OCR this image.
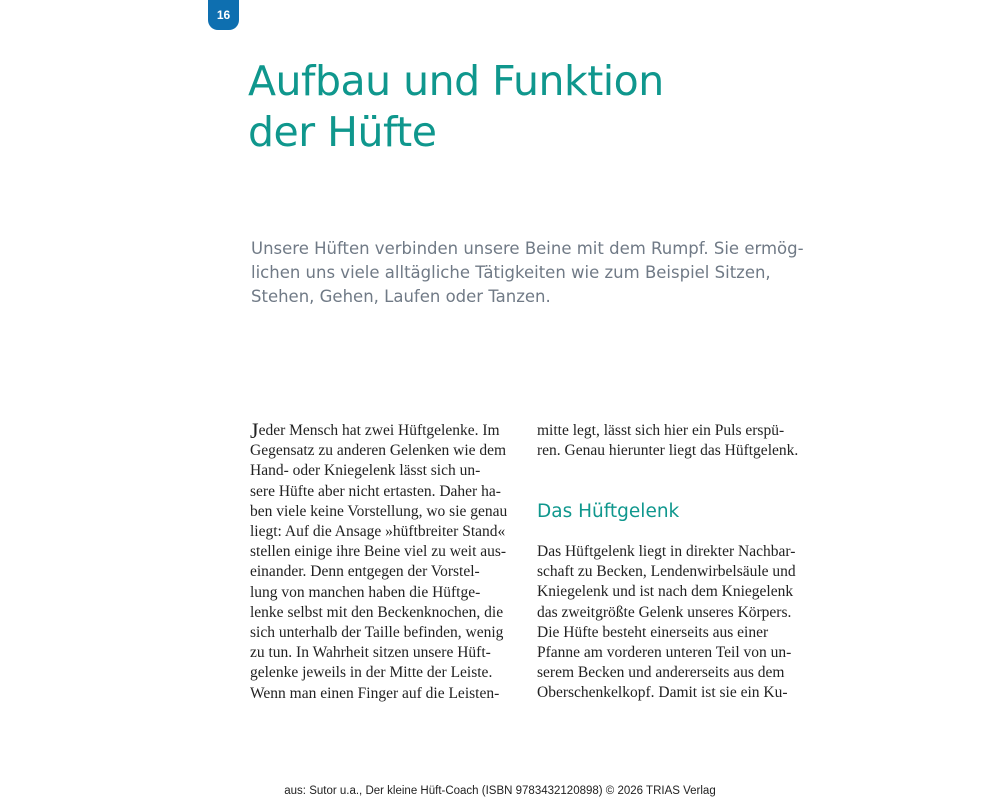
16
Aufbau und Funktion
der Hüfte

Unsere Hüften verbinden unsere Beine mit dem Rumpf. Sie ermög-
lichen uns viele alltägliche Tätigkeiten wie zum Beispiel Sitzen,
Stehen, Gehen, Laufen oder Tanzen.

Jeder Mensch hat zwei Hüftgelenke. Im
Gegensatz zu anderen Gelenken wie dem
Hand- oder Kniegelenk lässt sich un-
sere Hüfte aber nicht ertasten. Daher ha-
ben viele keine Vorstellung, wo sie genau
liegt: Auf die Ansage »hüftbreiter Stand«
stellen einige ihre Beine viel zu weit aus-
einander. Denn entgegen der Vorstel-
lung von manchen haben die Hüftge-
lenke selbst mit den Beckenknochen, die
sich unterhalb der Taille befinden, wenig
zu tun. In Wahrheit sitzen unsere Hüft-
gelenke jeweils in der Mitte der Leiste.
Wenn man einen Finger auf die Leisten-
mitte legt, lässt sich hier ein Puls erspü-
ren. Genau hierunter liegt das Hüftgelenk.
Das Hüftgelenk
Das Hüftgelenk liegt in direkter Nachbar-
schaft zu Becken, Lendenwirbelsäule und
Kniegelenk und ist nach dem Kniegelenk
das zweitgrößte Gelenk unseres Körpers.
Die Hüfte besteht einerseits aus einer
Pfanne am vorderen unteren Teil von un-
serem Becken und andererseits aus dem
Oberschenkelkopf. Damit ist sie ein Ku-
aus: Sutor u.a., Der kleine Hüft-Coach (ISBN 9783432120898) © 2026 TRIAS Verlag
